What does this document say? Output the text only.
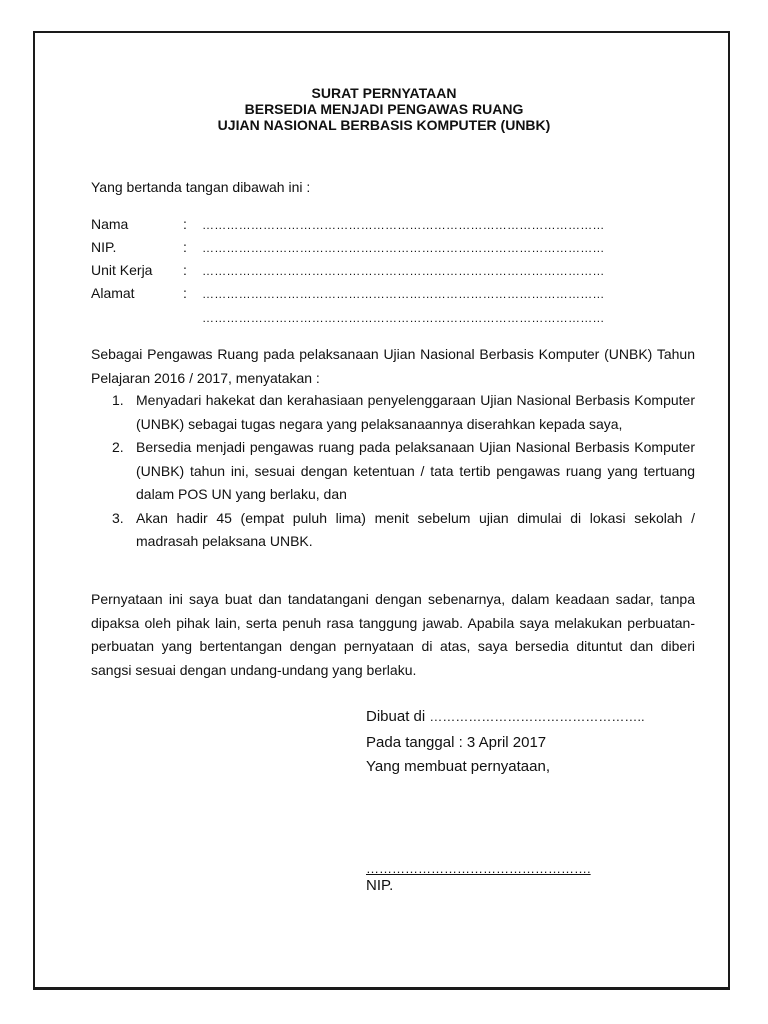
SURAT PERNYATAAN
BERSEDIA MENJADI PENGAWAS RUANG
UJIAN NASIONAL BERBASIS KOMPUTER (UNBK)
Yang bertanda tangan dibawah ini :
Nama	: ………………………………………………………………………………………
NIP.	: ………………………………………………………………………………………
Unit Kerja : ………………………………………………………………………………………
Alamat	: ………………………………………………………………………………………
………………………………………………………………………………………
Sebagai Pengawas Ruang pada pelaksanaan Ujian Nasional Berbasis Komputer (UNBK) Tahun Pelajaran 2016 / 2017, menyatakan :
1. Menyadari hakekat dan kerahasiaan penyelenggaraan Ujian Nasional Berbasis Komputer (UNBK) sebagai tugas negara yang pelaksanaannya diserahkan kepada saya,
2. Bersedia menjadi pengawas ruang pada pelaksanaan Ujian Nasional Berbasis Komputer (UNBK) tahun ini, sesuai dengan ketentuan / tata tertib pengawas ruang yang tertuang dalam POS UN yang berlaku, dan
3. Akan hadir 45 (empat puluh lima) menit sebelum ujian dimulai di lokasi sekolah / madrasah pelaksana UNBK.
Pernyataan ini saya buat dan tandatangani dengan sebenarnya, dalam keadaan sadar, tanpa dipaksa oleh pihak lain, serta penuh rasa tanggung jawab. Apabila saya melakukan perbuatan-perbuatan yang bertentangan dengan pernyataan di atas, saya bersedia dituntut dan diberi sangsi sesuai dengan undang-undang yang berlaku.
Dibuat di …………………………………………..
Pada tanggal : 3 April 2017
Yang membuat pernyataan,
…………………………………………….
NIP.
